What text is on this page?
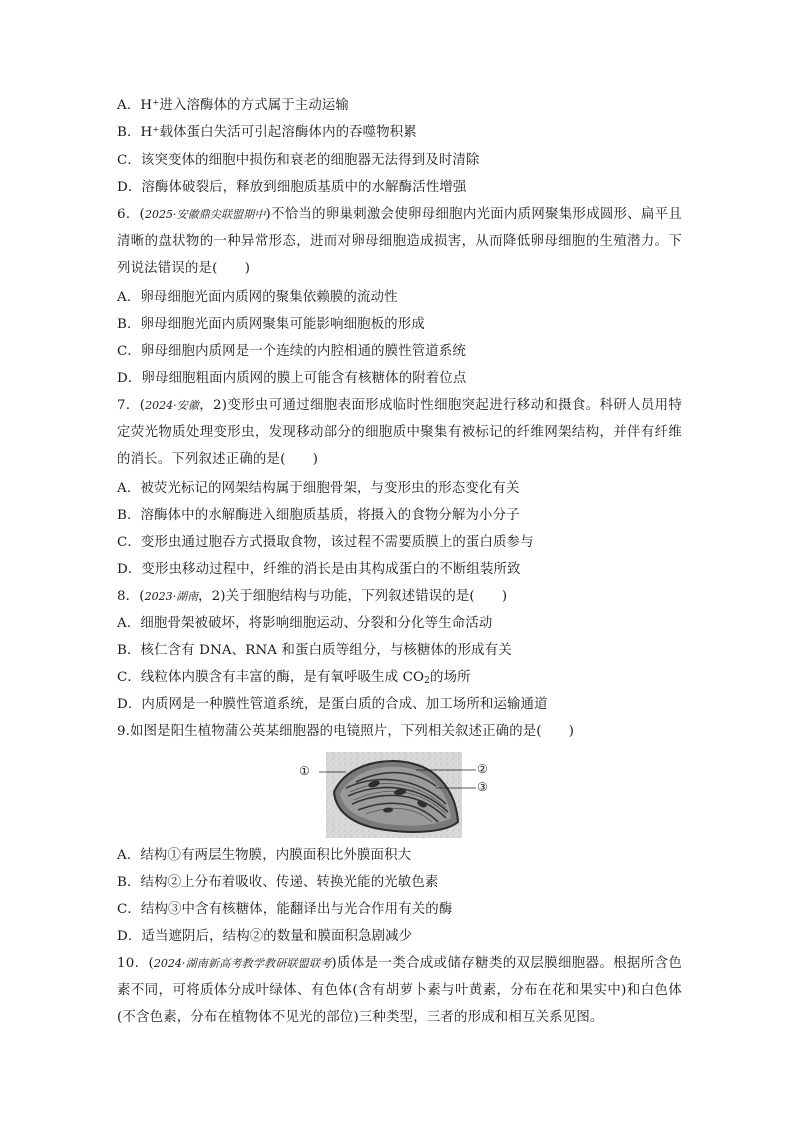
A．H⁺进入溶酶体的方式属于主动运输
B．H⁺载体蛋白失活可引起溶酶体内的吞噬物积累
C．该突变体的细胞中损伤和衰老的细胞器无法得到及时清除
D．溶酶体破裂后，释放到细胞质基质中的水解酶活性增强
6．(2025·安徽鼎尖联盟期中)不恰当的卵巢刺激会使卵母细胞内光面内质网聚集形成圆形、扁平且清晰的盘状物的一种异常形态，进而对卵母细胞造成损害，从而降低卵母细胞的生殖潜力。下列说法错误的是(　　)
A．卵母细胞光面内质网的聚集依赖膜的流动性
B．卵母细胞光面内质网聚集可能影响细胞板的形成
C．卵母细胞内质网是一个连续的内腔相通的膜性管道系统
D．卵母细胞粗面内质网的膜上可能含有核糖体的附着位点
7．(2024·安徽，2)变形虫可通过细胞表面形成临时性细胞突起进行移动和摄食。科研人员用特定荧光物质处理变形虫，发现移动部分的细胞质中聚集有被标记的纤维网架结构，并伴有纤维的消长。下列叙述正确的是(　　)
A．被荧光标记的网架结构属于细胞骨架，与变形虫的形态变化有关
B．溶酶体中的水解酶进入细胞质基质，将摄入的食物分解为小分子
C．变形虫通过胞吞方式摄取食物，该过程不需要质膜上的蛋白质参与
D．变形虫移动过程中，纤维的消长是由其构成蛋白的不断组装所致
8．(2023·湖南，2)关于细胞结构与功能，下列叙述错误的是(　　)
A．细胞骨架被破坏，将影响细胞运动、分裂和分化等生命活动
B．核仁含有 DNA、RNA 和蛋白质等组分，与核糖体的形成有关
C．线粒体内膜含有丰富的酶，是有氧呼吸生成 $CO_2$的场所
D．内质网是一种膜性管道系统，是蛋白质的合成、加工场所和运输通道
9.如图是阳生植物蒲公英某细胞器的电镜照片，下列相关叙述正确的是(　　)
①	②
③
A．结构①有两层生物膜，内膜面积比外膜面积大
B．结构②上分布着吸收、传递、转换光能的光敏色素
C．结构③中含有核糖体，能翻译出与光合作用有关的酶
D．适当遮阴后，结构②的数量和膜面积急剧减少
10．(2024·湖南新高考教学教研联盟联考)质体是一类合成或储存糖类的双层膜细胞器。根据所含色素不同，可将质体分成叶绿体、有色体(含有胡萝卜素与叶黄素，分布在花和果实中)和白色体(不含色素，分布在植物体不见光的部位)三种类型，三者的形成和相互关系见图。
